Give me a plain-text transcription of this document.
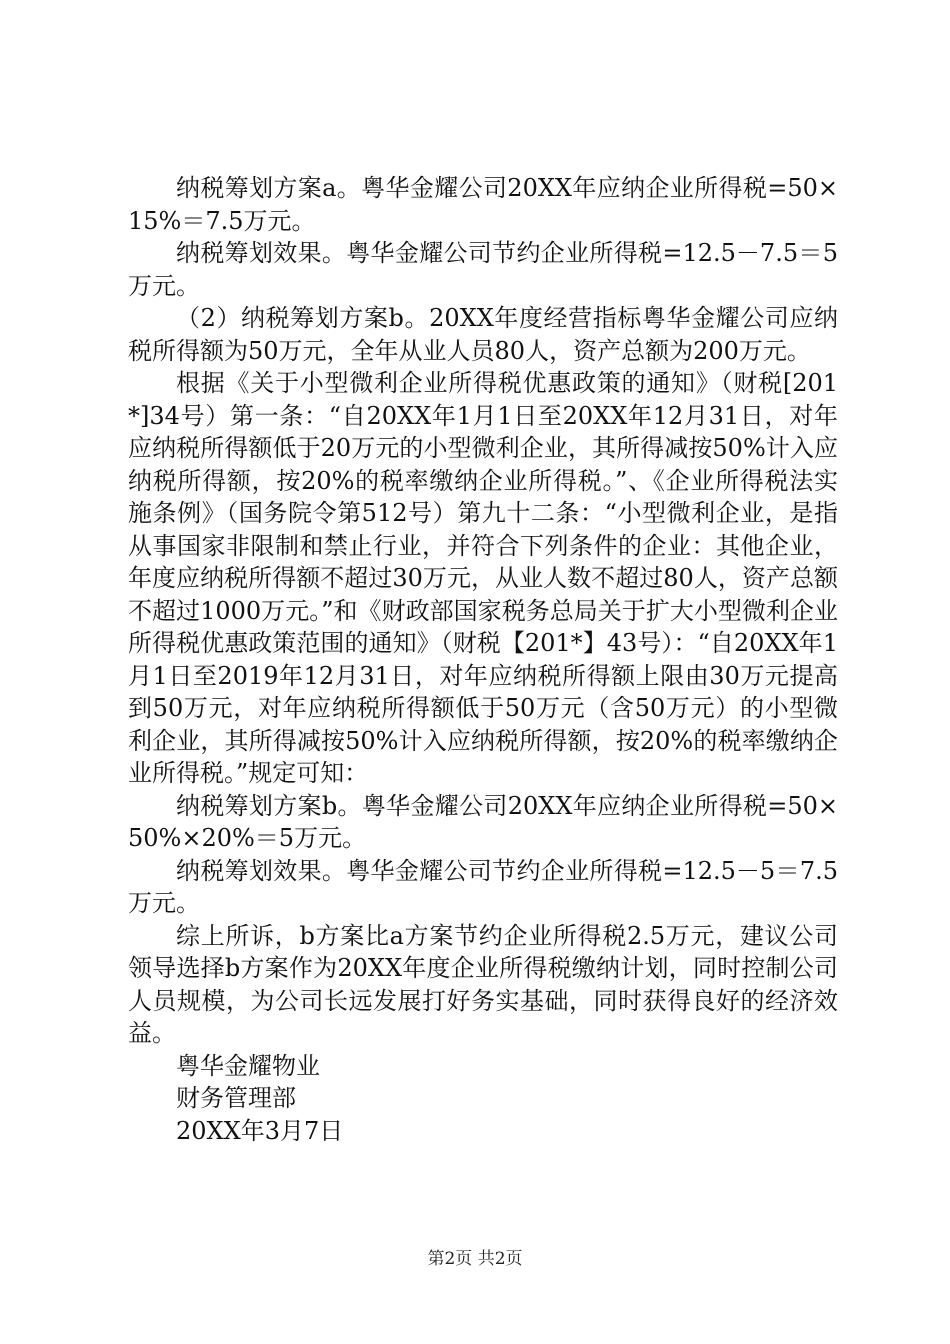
纳税筹划方案a。粤华金耀公司20XX年应纳企业所得税=50×15%＝7.5万元。

纳税筹划效果。粤华金耀公司节约企业所得税=12.5－7.5＝5万元。

（2）纳税筹划方案b。20XX年度经营指标粤华金耀公司应纳税所得额为50万元，全年从业人员80人，资产总额为200万元。

根据《关于小型微利企业所得税优惠政策的通知》（财税[201*]34号）第一条：“自20XX年1月1日至20XX年12月31日，对年应纳税所得额低于20万元的小型微利企业，其所得减按50%计入应纳税所得额，按20%的税率缴纳企业所得税。”、《企业所得税法实施条例》（国务院令第512号）第九十二条：“小型微利企业，是指从事国家非限制和禁止行业，并符合下列条件的企业：其他企业，年度应纳税所得额不超过30万元，从业人数不超过80人，资产总额不超过1000万元。”和《财政部国家税务总局关于扩大小型微利企业所得税优惠政策范围的通知》（财税【201*】43号）：“自20XX年1月1日至2019年12月31日，对年应纳税所得额上限由30万元提高到50万元，对年应纳税所得额低于50万元（含50万元）的小型微利企业，其所得减按50%计入应纳税所得额，按20%的税率缴纳企业所得税。”规定可知：

纳税筹划方案b。粤华金耀公司20XX年应纳企业所得税=50×50%×20%＝5万元。

纳税筹划效果。粤华金耀公司节约企业所得税=12.5－5＝7.5万元。

综上所诉，b方案比a方案节约企业所得税2.5万元，建议公司领导选择b方案作为20XX年度企业所得税缴纳计划，同时控制公司人员规模，为公司长远发展打好务实基础，同时获得良好的经济效益。

粤华金耀物业

财务管理部

20XX年3月7日

第2页 共2页
